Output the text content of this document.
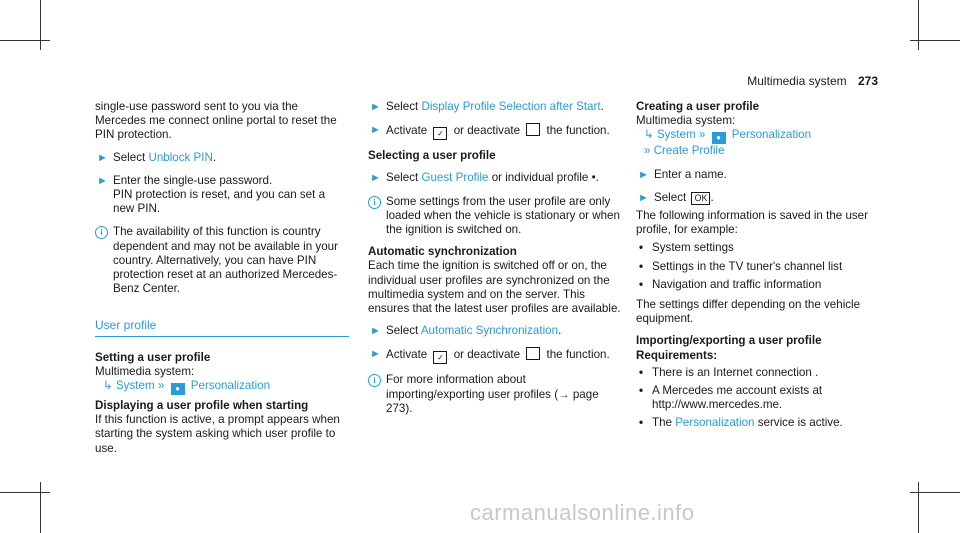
Multimedia system 273

single-use password sent to you via the Mercedes me connect online portal to reset the PIN protection.

► Select Unblock PIN.
► Enter the single-use password.
PIN protection is reset, and you can set a new PIN.
i The availability of this function is country dependent and may not be available in your country. Alternatively, you can have PIN protection reset at an authorized Mercedes-Benz Center.
User profile
Setting a user profile
Multimedia system:
↳ System » ● Personalization
Displaying a user profile when starting

If this function is active, a prompt appears when starting the system asking which user profile to use.

► Select Display Profile Selection after Start.
► Activate ✓ or deactivate  the function.
Selecting a user profile
► Select Guest Profile or individual profile •.
i Some settings from the user profile are only loaded when the vehicle is stationary or when the ignition is switched on.
Automatic synchronization

Each time the ignition is switched off or on, the individual user profiles are synchronized on the multimedia system and on the server. This ensures that the latest user profiles are available.

► Select Automatic Synchronization.
► Activate ✓ or deactivate  the function.
i For more information about importing/exporting user profiles (→ page 273).
Creating a user profile
Multimedia system:
↳ System » ● Personalization
» Create Profile
► Enter a name.
► Select OK .

The following information is saved in the user profile, for example:

• System settings
• Settings in the TV tuner's channel list
• Navigation and traffic information

The settings differ depending on the vehicle equipment.

Importing/exporting a user profile
Requirements:
• There is an Internet connection .
• A Mercedes me account exists at http://www.mercedes.me.
• The Personalization service is active.
carmanualsonline.info
